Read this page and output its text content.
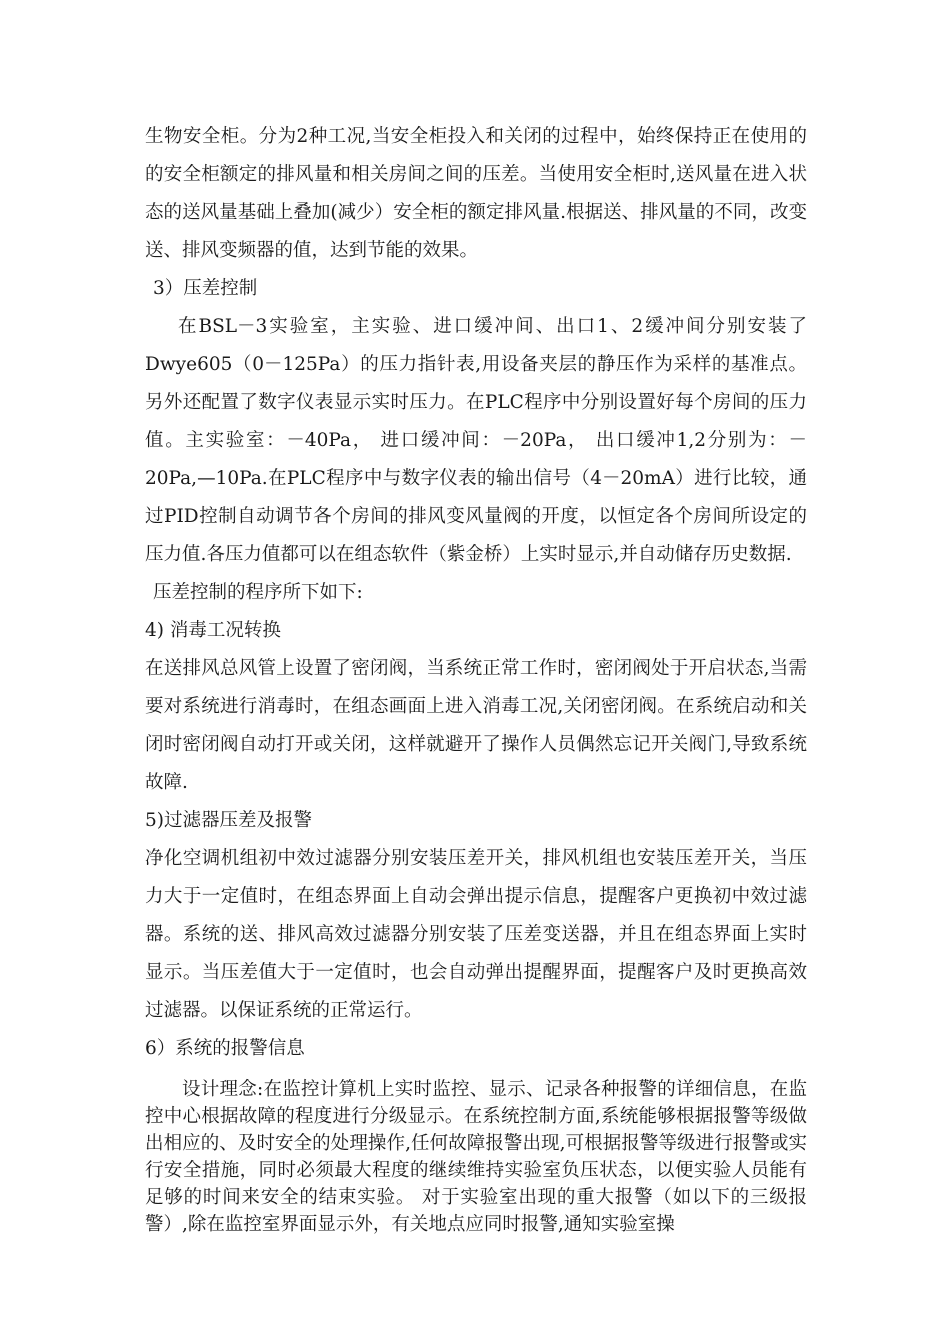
生物安全柜。分为2种工况,当安全柜投入和关闭的过程中，始终保持正在使用的的安全柜额定的排风量和相关房间之间的压差。当使用安全柜时,送风量在进入状态的送风量基础上叠加(减少）安全柜的额定排风量.根据送、排风量的不同，改变送、排风变频器的值，达到节能的效果。

3）压差控制

在BSL－3实验室，主实验、进口缓冲间、出口1、2缓冲间分别安装了Dwye605（0－125Pa）的压力指针表,用设备夹层的静压作为采样的基准点。另外还配置了数字仪表显示实时压力。在PLC程序中分别设置好每个房间的压力值。主实验室：－40Pa， 进口缓冲间：－20Pa， 出口缓冲1,2分别为：－20Pa,—10Pa.在PLC程序中与数字仪表的输出信号（4－20mA）进行比较，通过PID控制自动调节各个房间的排风变风量阀的开度，以恒定各个房间所设定的压力值.各压力值都可以在组态软件（紫金桥）上实时显示,并自动储存历史数据.

压差控制的程序所下如下:

4) 消毒工况转换

在送排风总风管上设置了密闭阀，当系统正常工作时，密闭阀处于开启状态,当需要对系统进行消毒时，在组态画面上进入消毒工况,关闭密闭阀。在系统启动和关闭时密闭阀自动打开或关闭，这样就避开了操作人员偶然忘记开关阀门,导致系统故障.

5)过滤器压差及报警

净化空调机组初中效过滤器分别安装压差开关，排风机组也安装压差开关，当压力大于一定值时，在组态界面上自动会弹出提示信息，提醒客户更换初中效过滤器。系统的送、排风高效过滤器分别安装了压差变送器，并且在组态界面上实时显示。当压差值大于一定值时，也会自动弹出提醒界面，提醒客户及时更换高效过滤器。以保证系统的正常运行。

6）系统的报警信息

设计理念:在监控计算机上实时监控、显示、记录各种报警的详细信息，在监控中心根据故障的程度进行分级显示。在系统控制方面,系统能够根据报警等级做出相应的、及时安全的处理操作,任何故障报警出现,可根据报警等级进行报警或实行安全措施，同时必须最大程度的继续维持实验室负压状态，以便实验人员能有足够的时间来安全的结束实验。 对于实验室出现的重大报警（如以下的三级报警）,除在监控室界面显示外，有关地点应同时报警,通知实验室操
